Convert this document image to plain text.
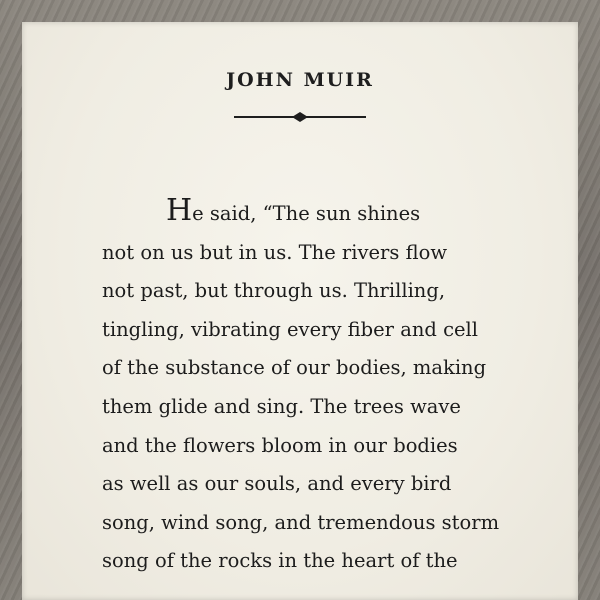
JOHN MUIR
He said, “The sun shines
not on us but in us. The rivers flow
not past, but through us. Thrilling,
tingling, vibrating every fiber and cell
of the substance of our bodies, making
them glide and sing. The trees wave
and the flowers bloom in our bodies
as well as our souls, and every bird
song, wind song, and tremendous storm
song of the rocks in the heart of the
